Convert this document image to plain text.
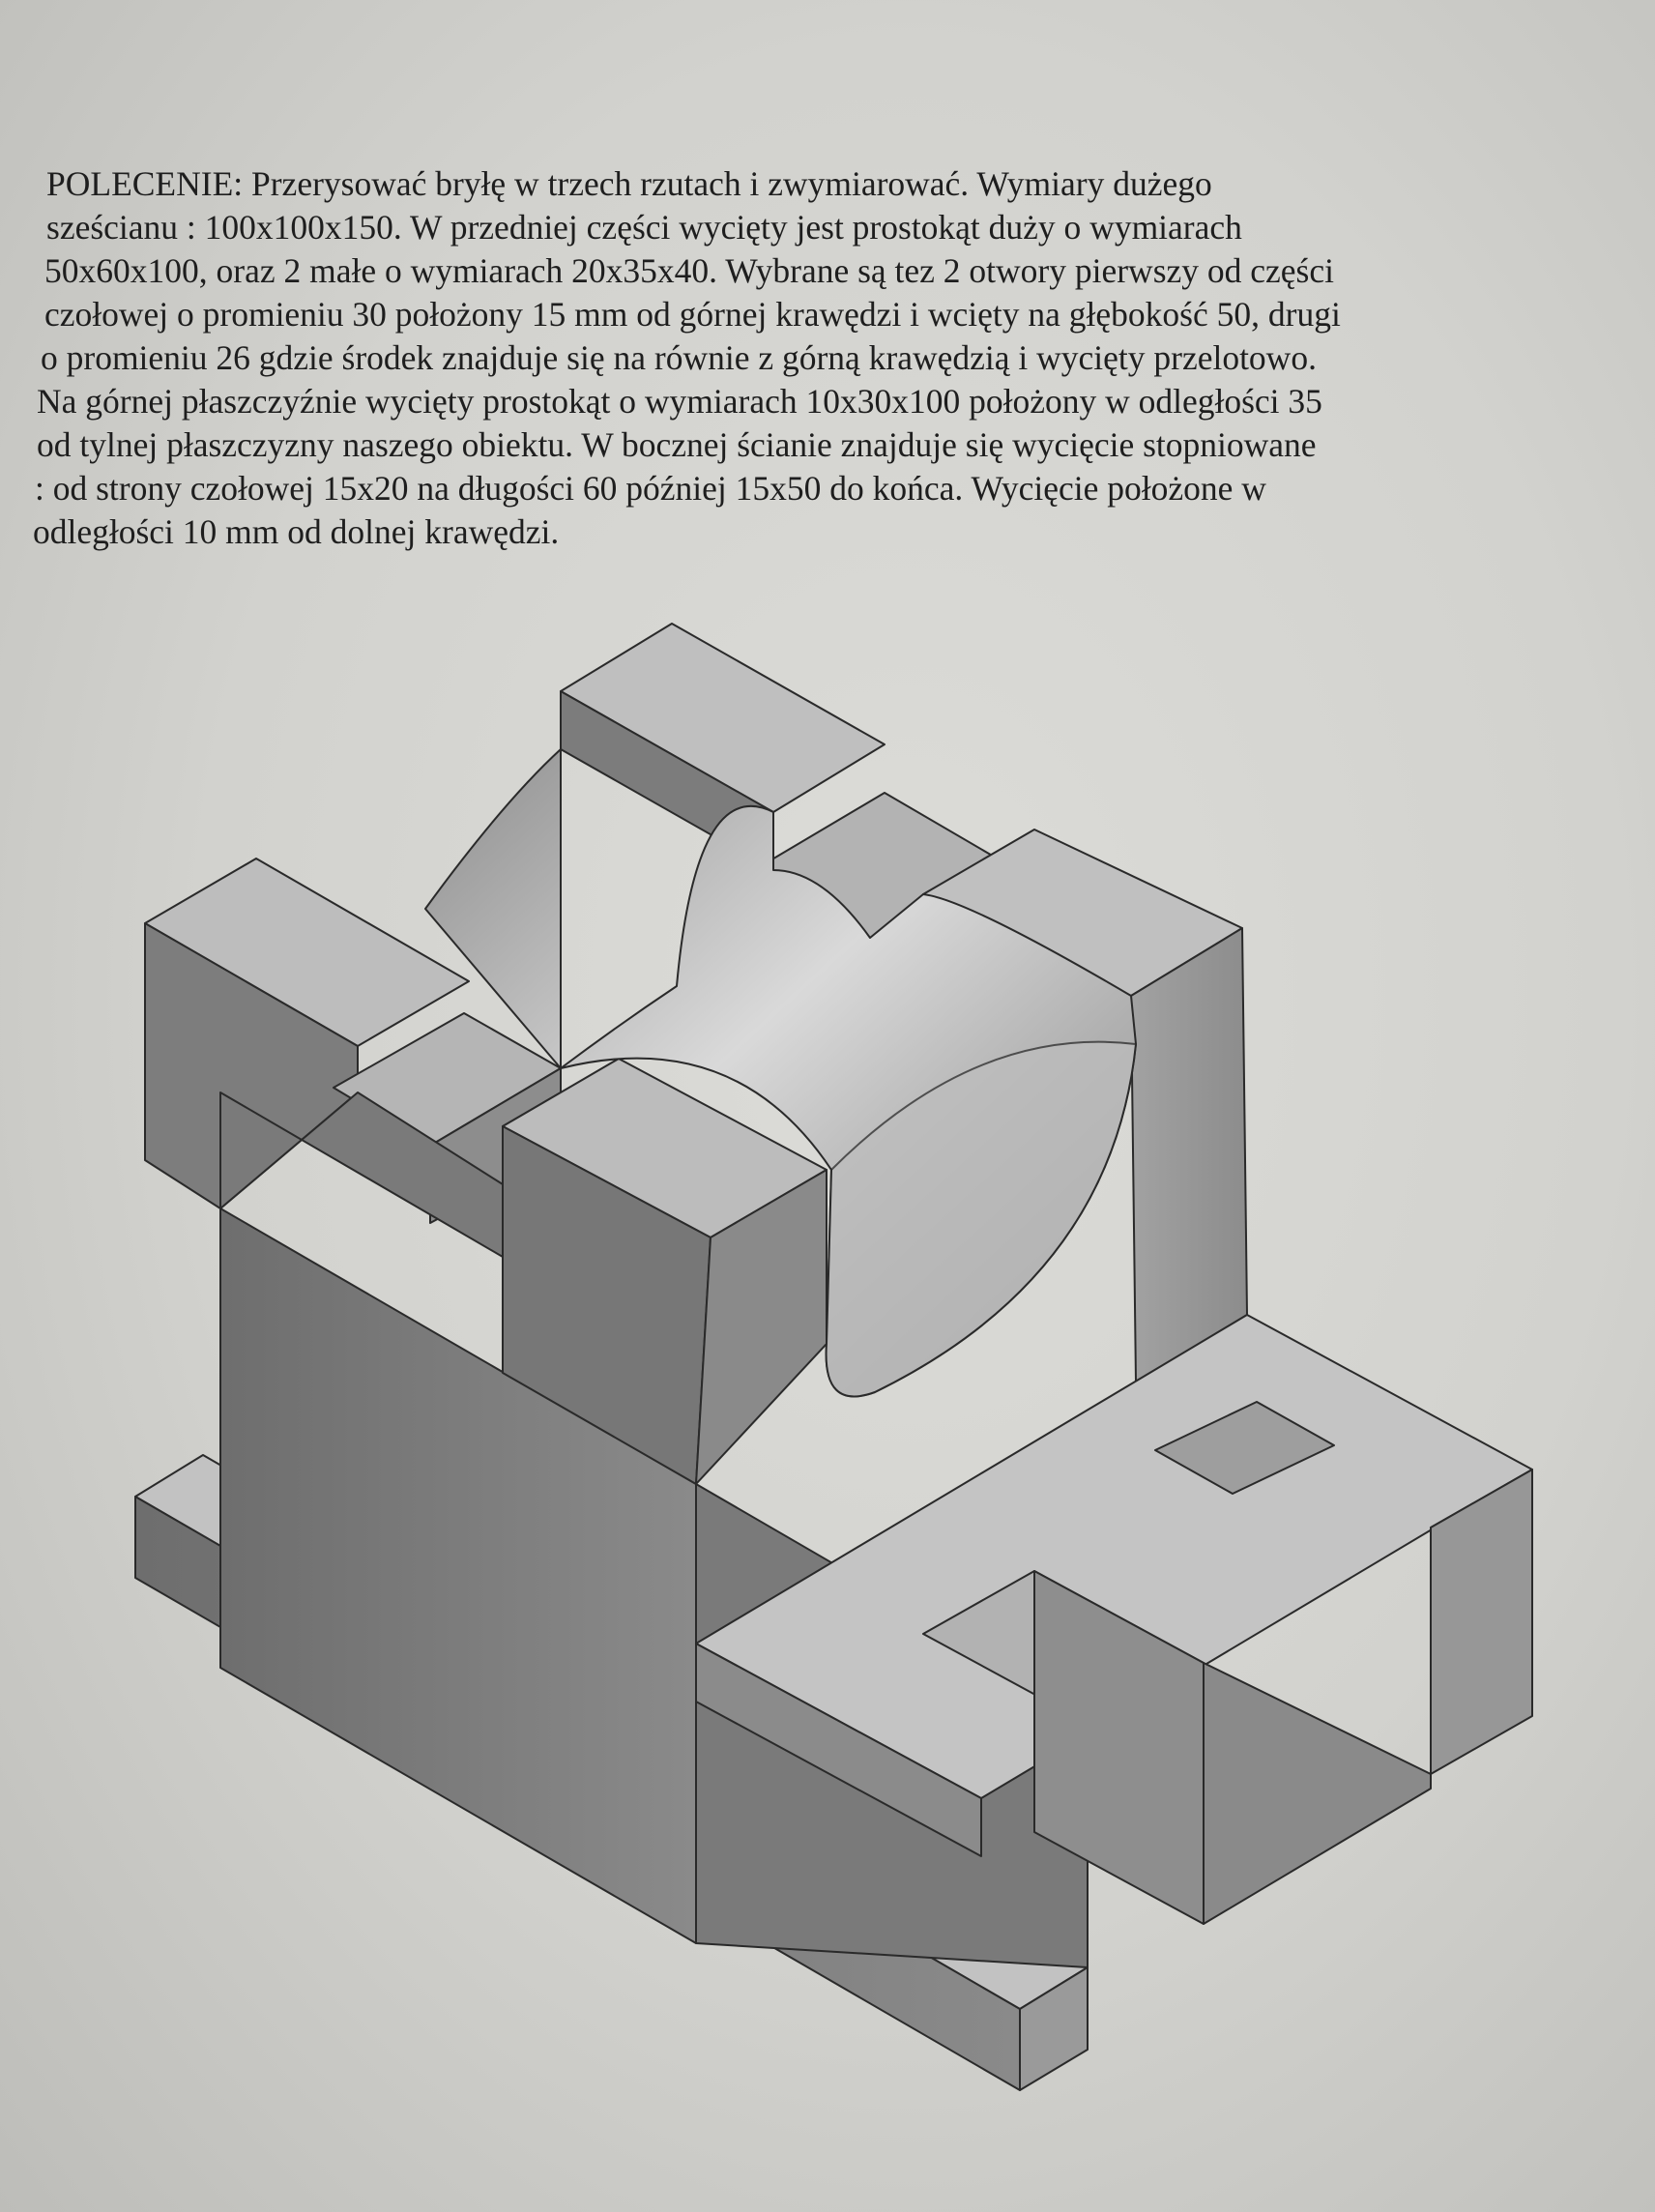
POLECENIE: Przerysować bryłę w trzech rzutach i zwymiarować. Wymiary dużego
sześcianu : 100x100x150. W przedniej części wycięty jest prostokąt duży o wymiarach
50x60x100, oraz 2 małe o wymiarach 20x35x40. Wybrane są tez 2 otwory pierwszy od części
czołowej o promieniu 30 położony 15 mm od górnej krawędzi i wcięty na głębokość 50, drugi
o promieniu 26 gdzie środek znajduje się na równie z górną krawędzią i wycięty przelotowo.
Na górnej płaszczyźnie wycięty prostokąt o wymiarach 10x30x100 położony w odległości 35
od tylnej płaszczyzny naszego obiektu. W bocznej ścianie znajduje się wycięcie stopniowane
: od strony czołowej 15x20 na długości 60 później 15x50 do końca. Wycięcie położone w
odległości 10 mm od dolnej krawędzi.
